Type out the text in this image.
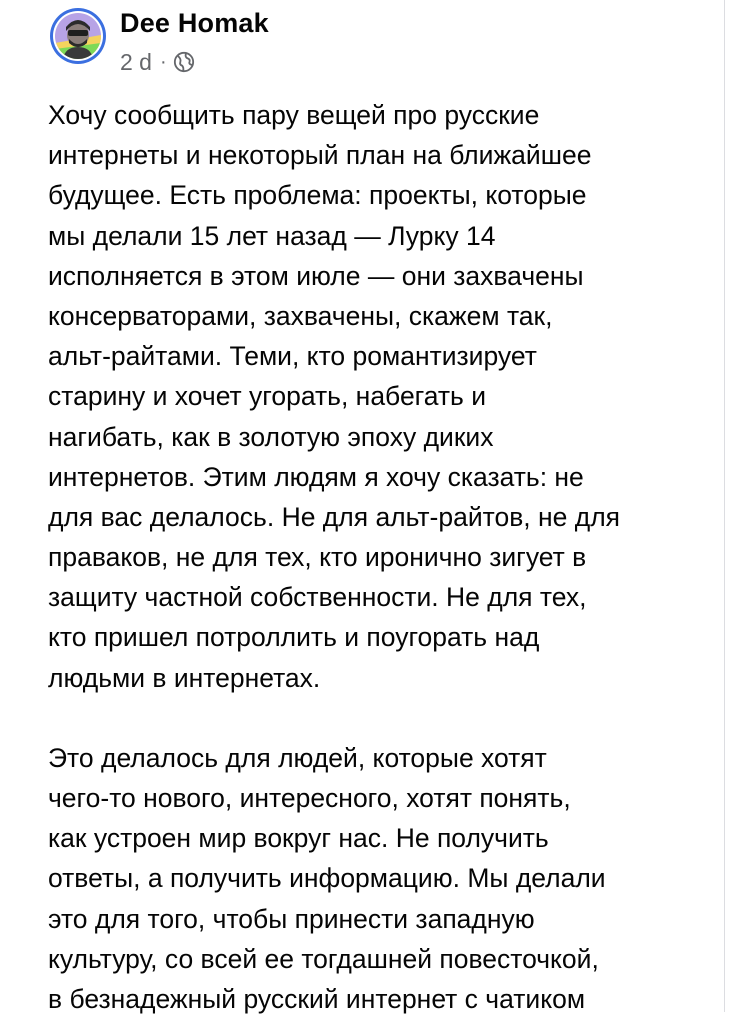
Dee Homak
2 d ·

Хочу сообщить пару вещей про русские
интернеты и некоторый план на ближайшее
будущее. Есть проблема: проекты, которые
мы делали 15 лет назад — Лурку 14
исполняется в этом июле — они захвачены
консерваторами, захвачены, скажем так,
альт-райтами. Теми, кто романтизирует
старину и хочет угорать, набегать и
нагибать, как в золотую эпоху диких
интернетов. Этим людям я хочу сказать: не
для вас делалось. Не для альт-райтов, не для
праваков, не для тех, кто иронично зигует в
защиту частной собственности. Не для тех,
кто пришел потроллить и поугорать над
людьми в интернетах.

Это делалось для людей, которые хотят
чего-то нового, интересного, хотят понять,
как устроен мир вокруг нас. Не получить
ответы, а получить информацию. Мы делали
это для того, чтобы принести западную
культуру, со всей ее тогдашней повесточкой,
в безнадежный русский интернет с чатиком
